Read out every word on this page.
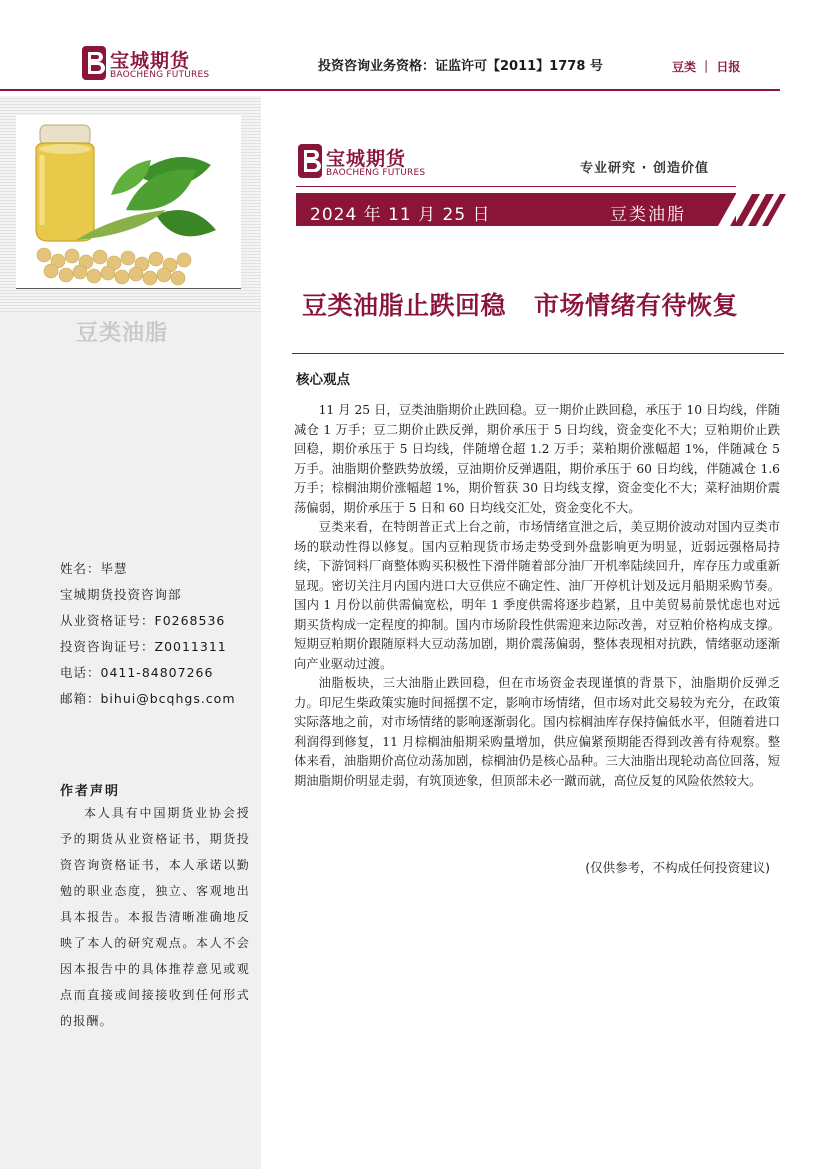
宝城期货
BAOCHENG FUTURES
投资咨询业务资格：证监许可【2011】1778 号	豆类 ｜ 日报
豆类油脂
姓名：毕慧
宝城期货投资咨询部
从业资格证号：F0268536
投资咨询证号：Z0011311
电话：0411-84807266
邮箱：bihui@bcqhgs.com
作者声明
本人具有中国期货业协会授予的期货从业资格证书，期货投资咨询资格证书，本人承诺以勤勉的职业态度，独立、客观地出具本报告。本报告清晰准确地反映了本人的研究观点。本人不会因本报告中的具体推荐意见或观点而直接或间接接收到任何形式的报酬。
宝城期货
BAOCHENG FUTURES	专业研究 · 创造价值
2024 年 11 月 25 日	豆类油脂
豆类油脂止跌回稳 市场情绪有待恢复
核心观点

11 月 25 日，豆类油脂期价止跌回稳。豆一期价止跌回稳，承压于 10 日均线，伴随减仓 1 万手；豆二期价止跌反弹，期价承压于 5 日均线，资金变化不大；豆粕期价止跌回稳，期价承压于 5 日均线，伴随增仓超 1.2 万手；菜粕期价涨幅超 1%，伴随减仓 5 万手。油脂期价整跌势放缓，豆油期价反弹遇阻，期价承压于 60 日均线，伴随减仓 1.6 万手；棕榈油期价涨幅超 1%，期价暂获 30 日均线支撑，资金变化不大；菜籽油期价震荡偏弱，期价承压于 5 日和 60 日均线交汇处，资金变化不大。

豆类来看，在特朗普正式上台之前，市场情绪宣泄之后，美豆期价波动对国内豆类市场的联动性得以修复。国内豆粕现货市场走势受到外盘影响更为明显，近弱远强格局持续，下游饲料厂商整体购买积极性下滑伴随着部分油厂开机率陆续回升，库存压力或重新显现。密切关注月内国内进口大豆供应不确定性、油厂开停机计划及远月船期采购节奏。国内 1 月份以前供需偏宽松，明年 1 季度供需将逐步趋紧，且中美贸易前景忧虑也对远期买货构成一定程度的抑制。国内市场阶段性供需迎来边际改善，对豆粕价格构成支撑。短期豆粕期价跟随原料大豆动荡加剧，期价震荡偏弱，整体表现相对抗跌，情绪驱动逐渐向产业驱动过渡。

油脂板块，三大油脂止跌回稳，但在市场资金表现谨慎的背景下，油脂期价反弹乏力。印尼生柴政策实施时间摇摆不定，影响市场情绪，但市场对此交易较为充分，在政策实际落地之前，对市场情绪的影响逐渐弱化。国内棕榈油库存保持偏低水平，但随着进口利润得到修复，11 月棕榈油船期采购量增加，供应偏紧预期能否得到改善有待观察。整体来看，油脂期价高位动荡加剧，棕榈油仍是核心品种。三大油脂出现轮动高位回落，短期油脂期价明显走弱，有筑顶迹象，但顶部未必一蹴而就，高位反复的风险依然较大。

(仅供参考，不构成任何投资建议)
